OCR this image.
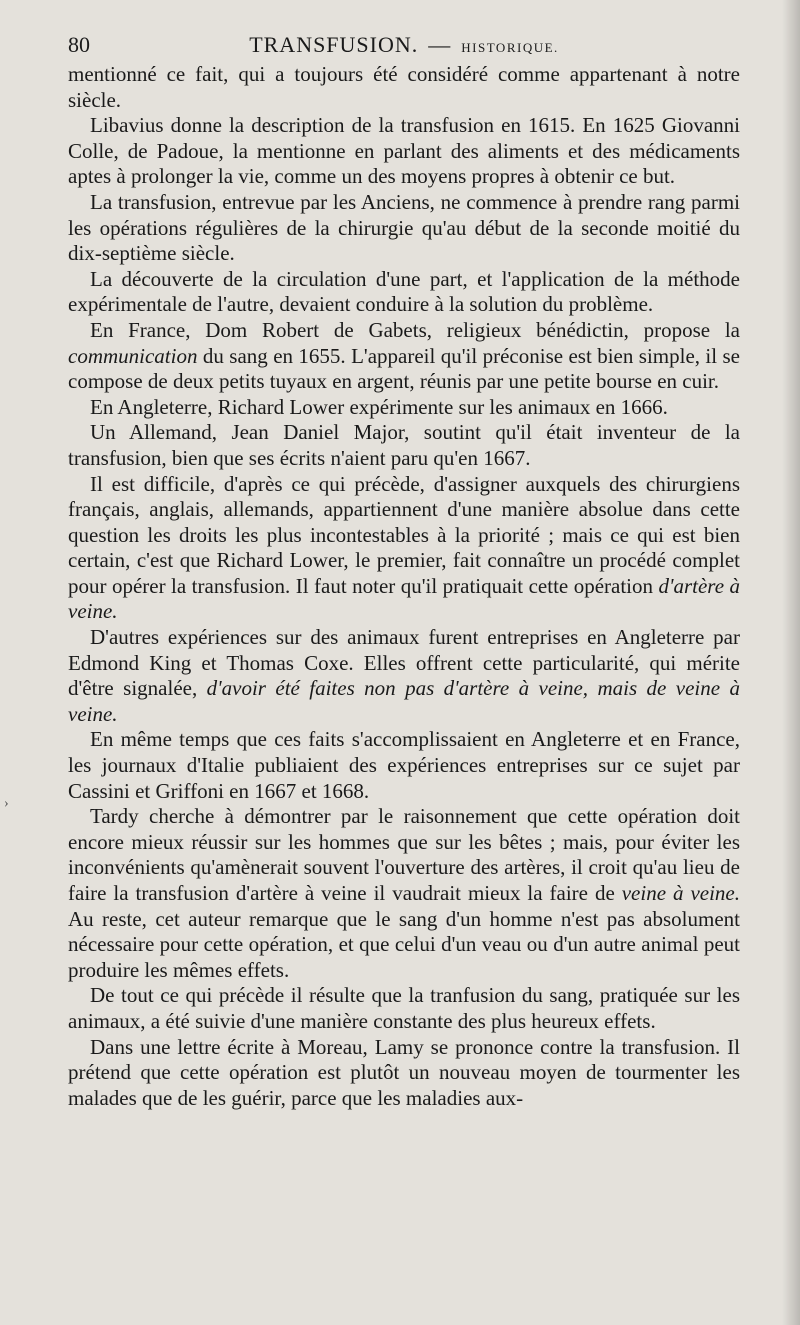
80	TRANSFUSION. — HISTORIQUE.
›

mentionné ce fait, qui a toujours été considéré comme appartenant à notre siècle.

Libavius donne la description de la transfusion en 1615. En 1625 Giovanni Colle, de Padoue, la mentionne en parlant des aliments et des médicaments aptes à prolonger la vie, comme un des moyens propres à obtenir ce but.

La transfusion, entrevue par les Anciens, ne commence à prendre rang parmi les opérations régulières de la chirurgie qu'au début de la seconde moitié du dix-septième siècle.

La découverte de la circulation d'une part, et l'application de la méthode expérimentale de l'autre, devaient conduire à la solution du problème.

En France, Dom Robert de Gabets, religieux bénédictin, propose la communication du sang en 1655. L'appareil qu'il préconise est bien simple, il se compose de deux petits tuyaux en argent, réunis par une petite bourse en cuir.

En Angleterre, Richard Lower expérimente sur les animaux en 1666.

Un Allemand, Jean Daniel Major, soutint qu'il était inventeur de la transfusion, bien que ses écrits n'aient paru qu'en 1667.

Il est difficile, d'après ce qui précède, d'assigner auxquels des chirurgiens français, anglais, allemands, appartiennent d'une manière absolue dans cette question les droits les plus incontestables à la priorité ; mais ce qui est bien certain, c'est que Richard Lower, le premier, fait connaître un procédé complet pour opérer la transfusion. Il faut noter qu'il pratiquait cette opération d'artère à veine.

D'autres expériences sur des animaux furent entreprises en Angleterre par Edmond King et Thomas Coxe. Elles offrent cette particularité, qui mérite d'être signalée, d'avoir été faites non pas d'artère à veine, mais de veine à veine.

En même temps que ces faits s'accomplissaient en Angleterre et en France, les journaux d'Italie publiaient des expériences entreprises sur ce sujet par Cassini et Griffoni en 1667 et 1668.

Tardy cherche à démontrer par le raisonnement que cette opération doit encore mieux réussir sur les hommes que sur les bêtes ; mais, pour éviter les inconvénients qu'amènerait souvent l'ouverture des artères, il croit qu'au lieu de faire la transfusion d'artère à veine il vaudrait mieux la faire de veine à veine. Au reste, cet auteur remarque que le sang d'un homme n'est pas absolument nécessaire pour cette opération, et que celui d'un veau ou d'un autre animal peut produire les mêmes effets.

De tout ce qui précède il résulte que la tranfusion du sang, pratiquée sur les animaux, a été suivie d'une manière constante des plus heureux effets.

Dans une lettre écrite à Moreau, Lamy se prononce contre la transfusion. Il prétend que cette opération est plutôt un nouveau moyen de tourmenter les malades que de les guérir, parce que les maladies aux-
